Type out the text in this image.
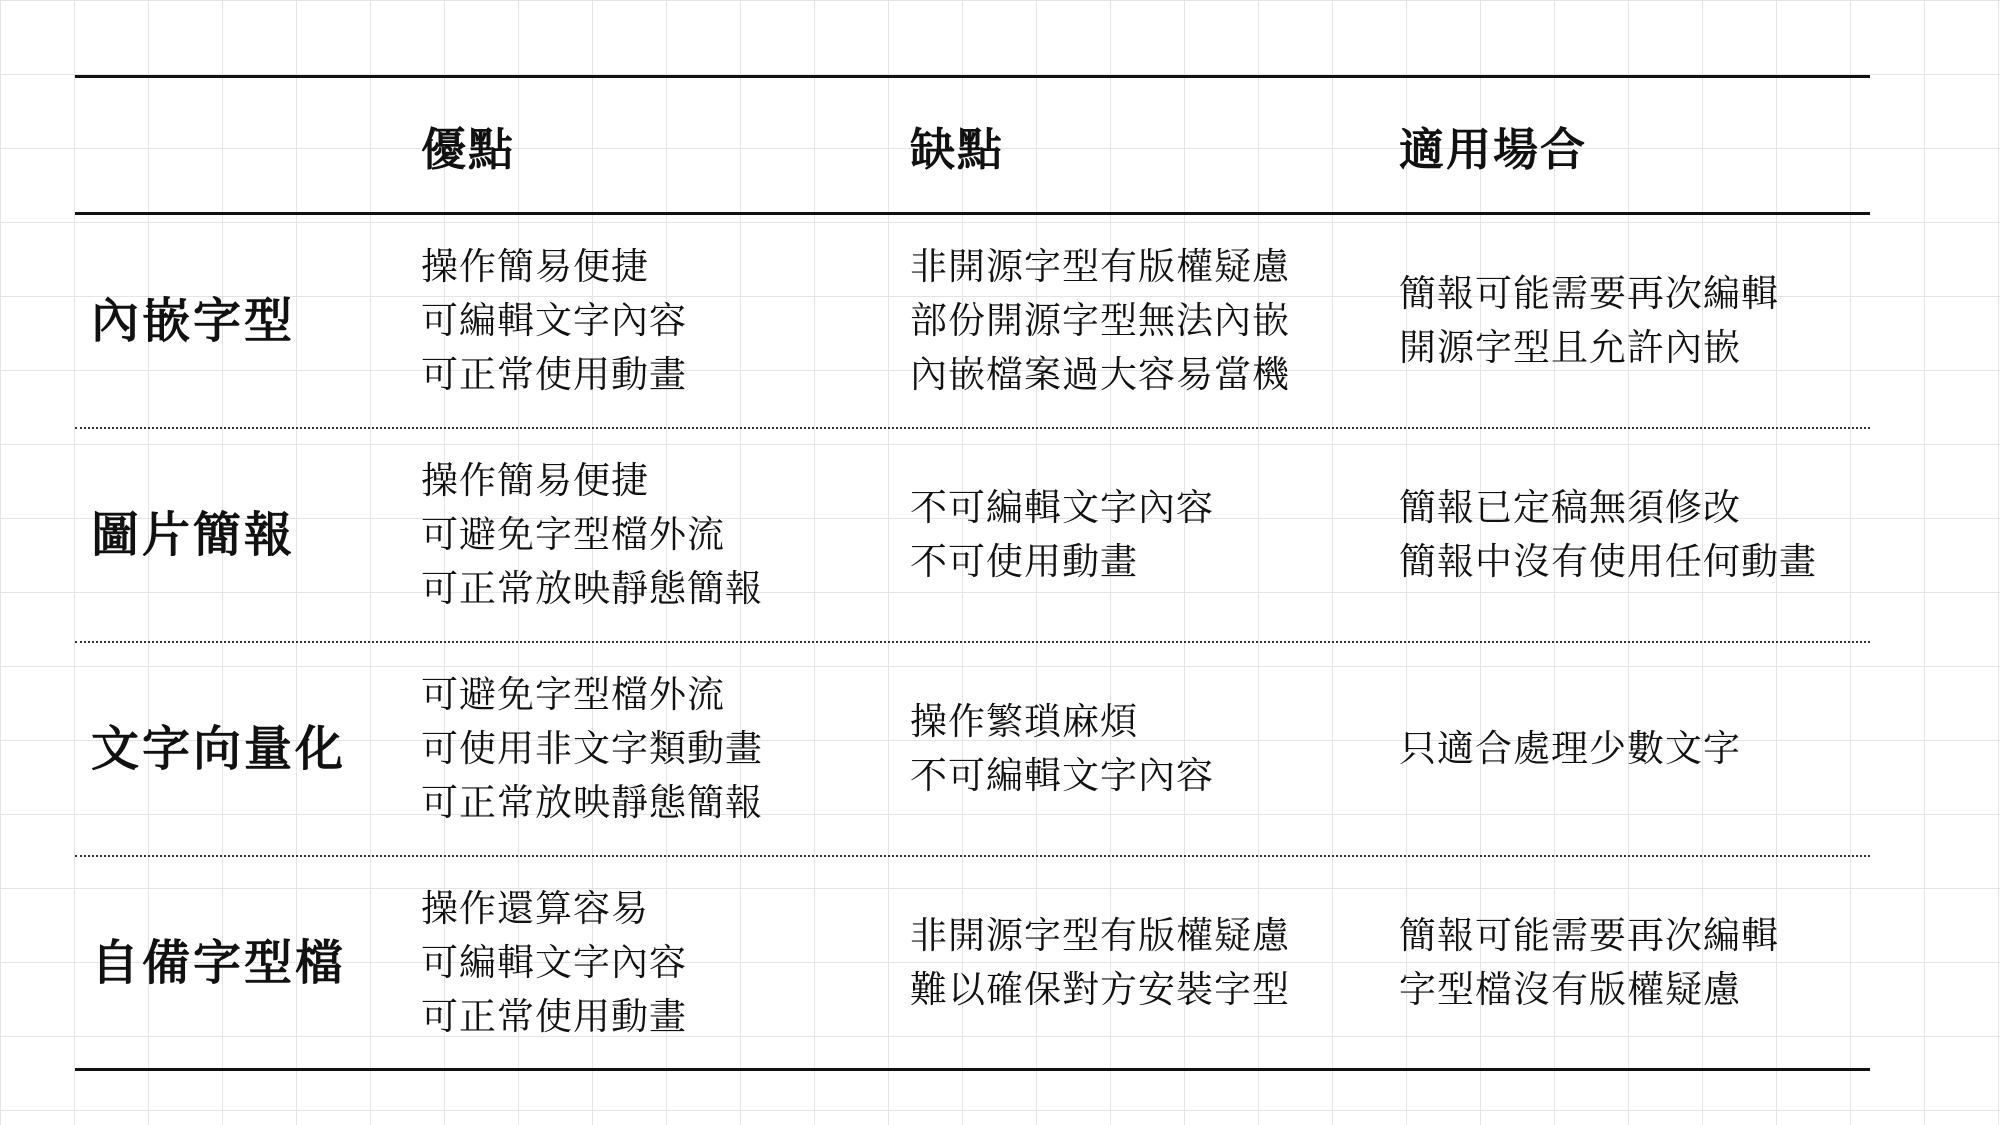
優點	缺點	適用場合
內嵌字型
操作簡易便捷
可編輯文字內容
可正常使用動畫
非開源字型有版權疑慮
部份開源字型無法內嵌
內嵌檔案過大容易當機
簡報可能需要再次編輯
開源字型且允許內嵌
圖片簡報
操作簡易便捷
可避免字型檔外流
可正常放映靜態簡報
不可編輯文字內容
不可使用動畫
簡報已定稿無須修改
簡報中沒有使用任何動畫
文字向量化
可避免字型檔外流
可使用非文字類動畫
可正常放映靜態簡報
操作繁瑣麻煩
不可編輯文字內容
只適合處理少數文字
自備字型檔
操作還算容易
可編輯文字內容
可正常使用動畫
非開源字型有版權疑慮
難以確保對方安裝字型
簡報可能需要再次編輯
字型檔沒有版權疑慮
